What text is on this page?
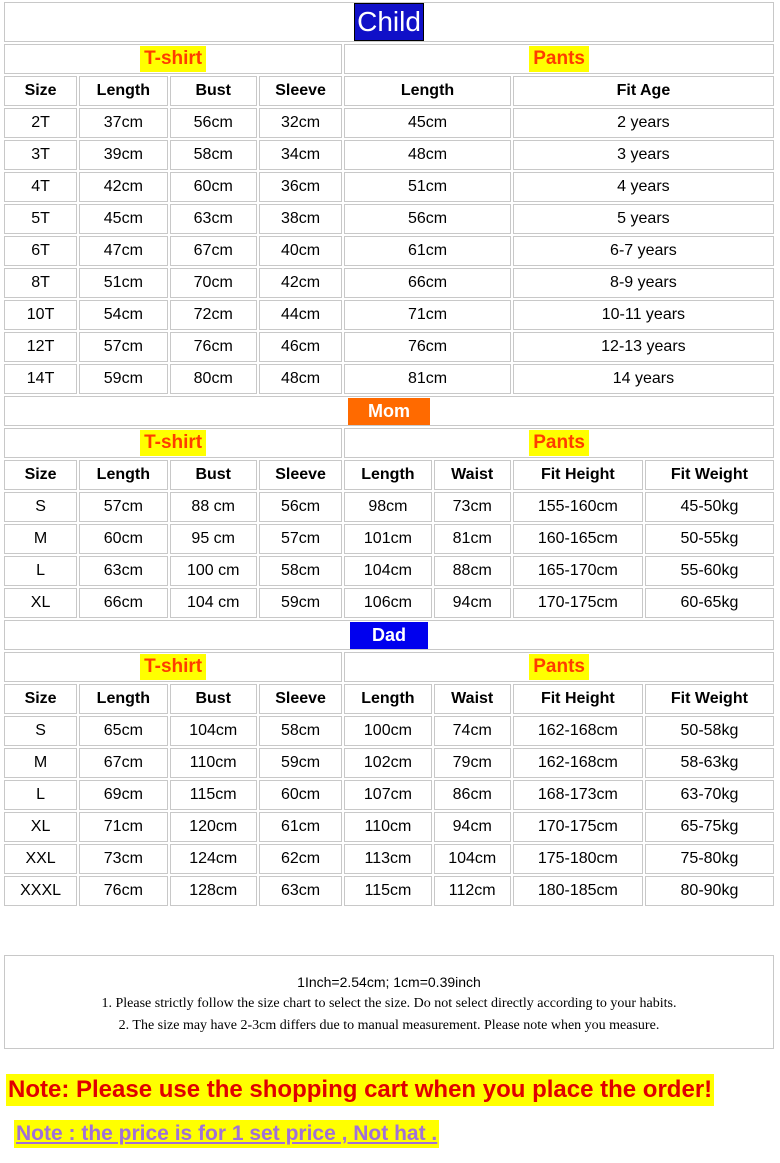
Child							
T-shirt				Pants			
Size	Length	Bust	Sleeve	Length		Fit Age	
2T	37cm	56cm	32cm	45cm		2 years	
3T	39cm	58cm	34cm	48cm		3 years	
4T	42cm	60cm	36cm	51cm		4 years	
5T	45cm	63cm	38cm	56cm		5 years	
6T	47cm	67cm	40cm	61cm		6-7 years	
8T	51cm	70cm	42cm	66cm		8-9 years	
10T	54cm	72cm	44cm	71cm		10-11 years	
12T	57cm	76cm	46cm	76cm		12-13 years	
14T	59cm	80cm	48cm	81cm		14 years	
Mom							
T-shirt				Pants			
Size	Length	Bust	Sleeve	Length	Waist	Fit Height	Fit Weight
S	57cm	88 cm	56cm	98cm	73cm	155-160cm	45-50kg
M	60cm	95 cm	57cm	101cm	81cm	160-165cm	50-55kg
L	63cm	100 cm	58cm	104cm	88cm	165-170cm	55-60kg
XL	66cm	104 cm	59cm	106cm	94cm	170-175cm	60-65kg
Dad							
T-shirt				Pants			
Size	Length	Bust	Sleeve	Length	Waist	Fit Height	Fit Weight
S	65cm	104cm	58cm	100cm	74cm	162-168cm	50-58kg
M	67cm	110cm	59cm	102cm	79cm	162-168cm	58-63kg
L	69cm	115cm	60cm	107cm	86cm	168-173cm	63-70kg
XL	71cm	120cm	61cm	110cm	94cm	170-175cm	65-75kg
XXL	73cm	124cm	62cm	113cm	104cm	175-180cm	75-80kg
XXXL	76cm	128cm	63cm	115cm	112cm	180-185cm	80-90kg
1Inch=2.54cm; 1cm=0.39inch
1. Please strictly follow the size chart to select the size. Do not select directly according to your habits.
2. The size may have 2-3cm differs due to manual measurement. Please note when you measure.
Note: Please use the shopping cart when you place the order!
Note : the price is for 1 set price , Not hat .
